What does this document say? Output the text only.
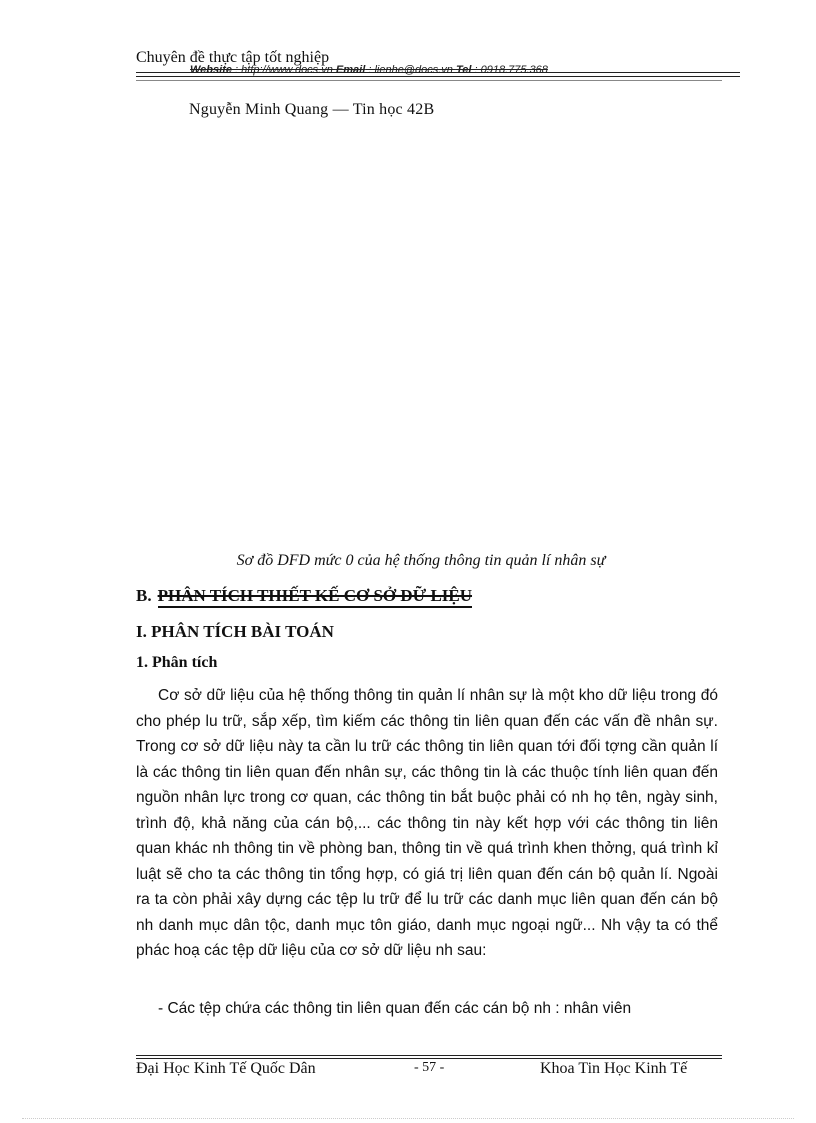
Chuyên đề thực tập tốt nghiệp
Website : http://www.docs.vn Email : lienhe@docs.vn Tel : 0918.775.368
Nguyễn Minh Quang — Tin học 42B
Sơ đồ DFD mức 0 của hệ thống thông tin quản lí nhân sự
B. PHÂN TÍCH THIẾT KẾ CƠ SỞ DỮ LIỆU
I. PHÂN TÍCH BÀI TOÁN
1. Phân tích
Cơ sở dữ liệu của hệ thống thông tin quản lí nhân sự là một kho dữ liệu trong đó cho phép lu trữ, sắp xếp, tìm kiếm các thông tin liên quan đến các vấn đề nhân sự. Trong cơ sở dữ liệu này ta cần lu trữ các thông tin liên quan tới đối tợng cần quản lí là các thông tin liên quan đến nhân sự, các thông tin là các thuộc tính liên quan đến nguồn nhân lực trong cơ quan, các thông tin bắt buộc phải có nh họ tên, ngày sinh, trình độ, khả năng của cán bộ,... các thông tin này kết hợp với các thông tin liên quan khác nh thông tin về phòng ban, thông tin về quá trình khen thởng, quá trình kỉ luật sẽ cho ta các thông tin tổng hợp, có giá trị liên quan đến cán bộ quản lí. Ngoài ra ta còn phải xây dựng các tệp lu trữ để lu trữ các danh mục liên quan đến cán bộ nh danh mục dân tộc, danh mục tôn giáo, danh mục ngoại ngữ... Nh vậy ta có thể phác hoạ các tệp dữ liệu của cơ sở dữ liệu nh sau:
- Các tệp chứa các thông tin liên quan đến các cán bộ nh : nhân viên
Đại Học Kinh Tế Quốc Dân	- 57 -	Khoa Tin Học Kinh Tế
